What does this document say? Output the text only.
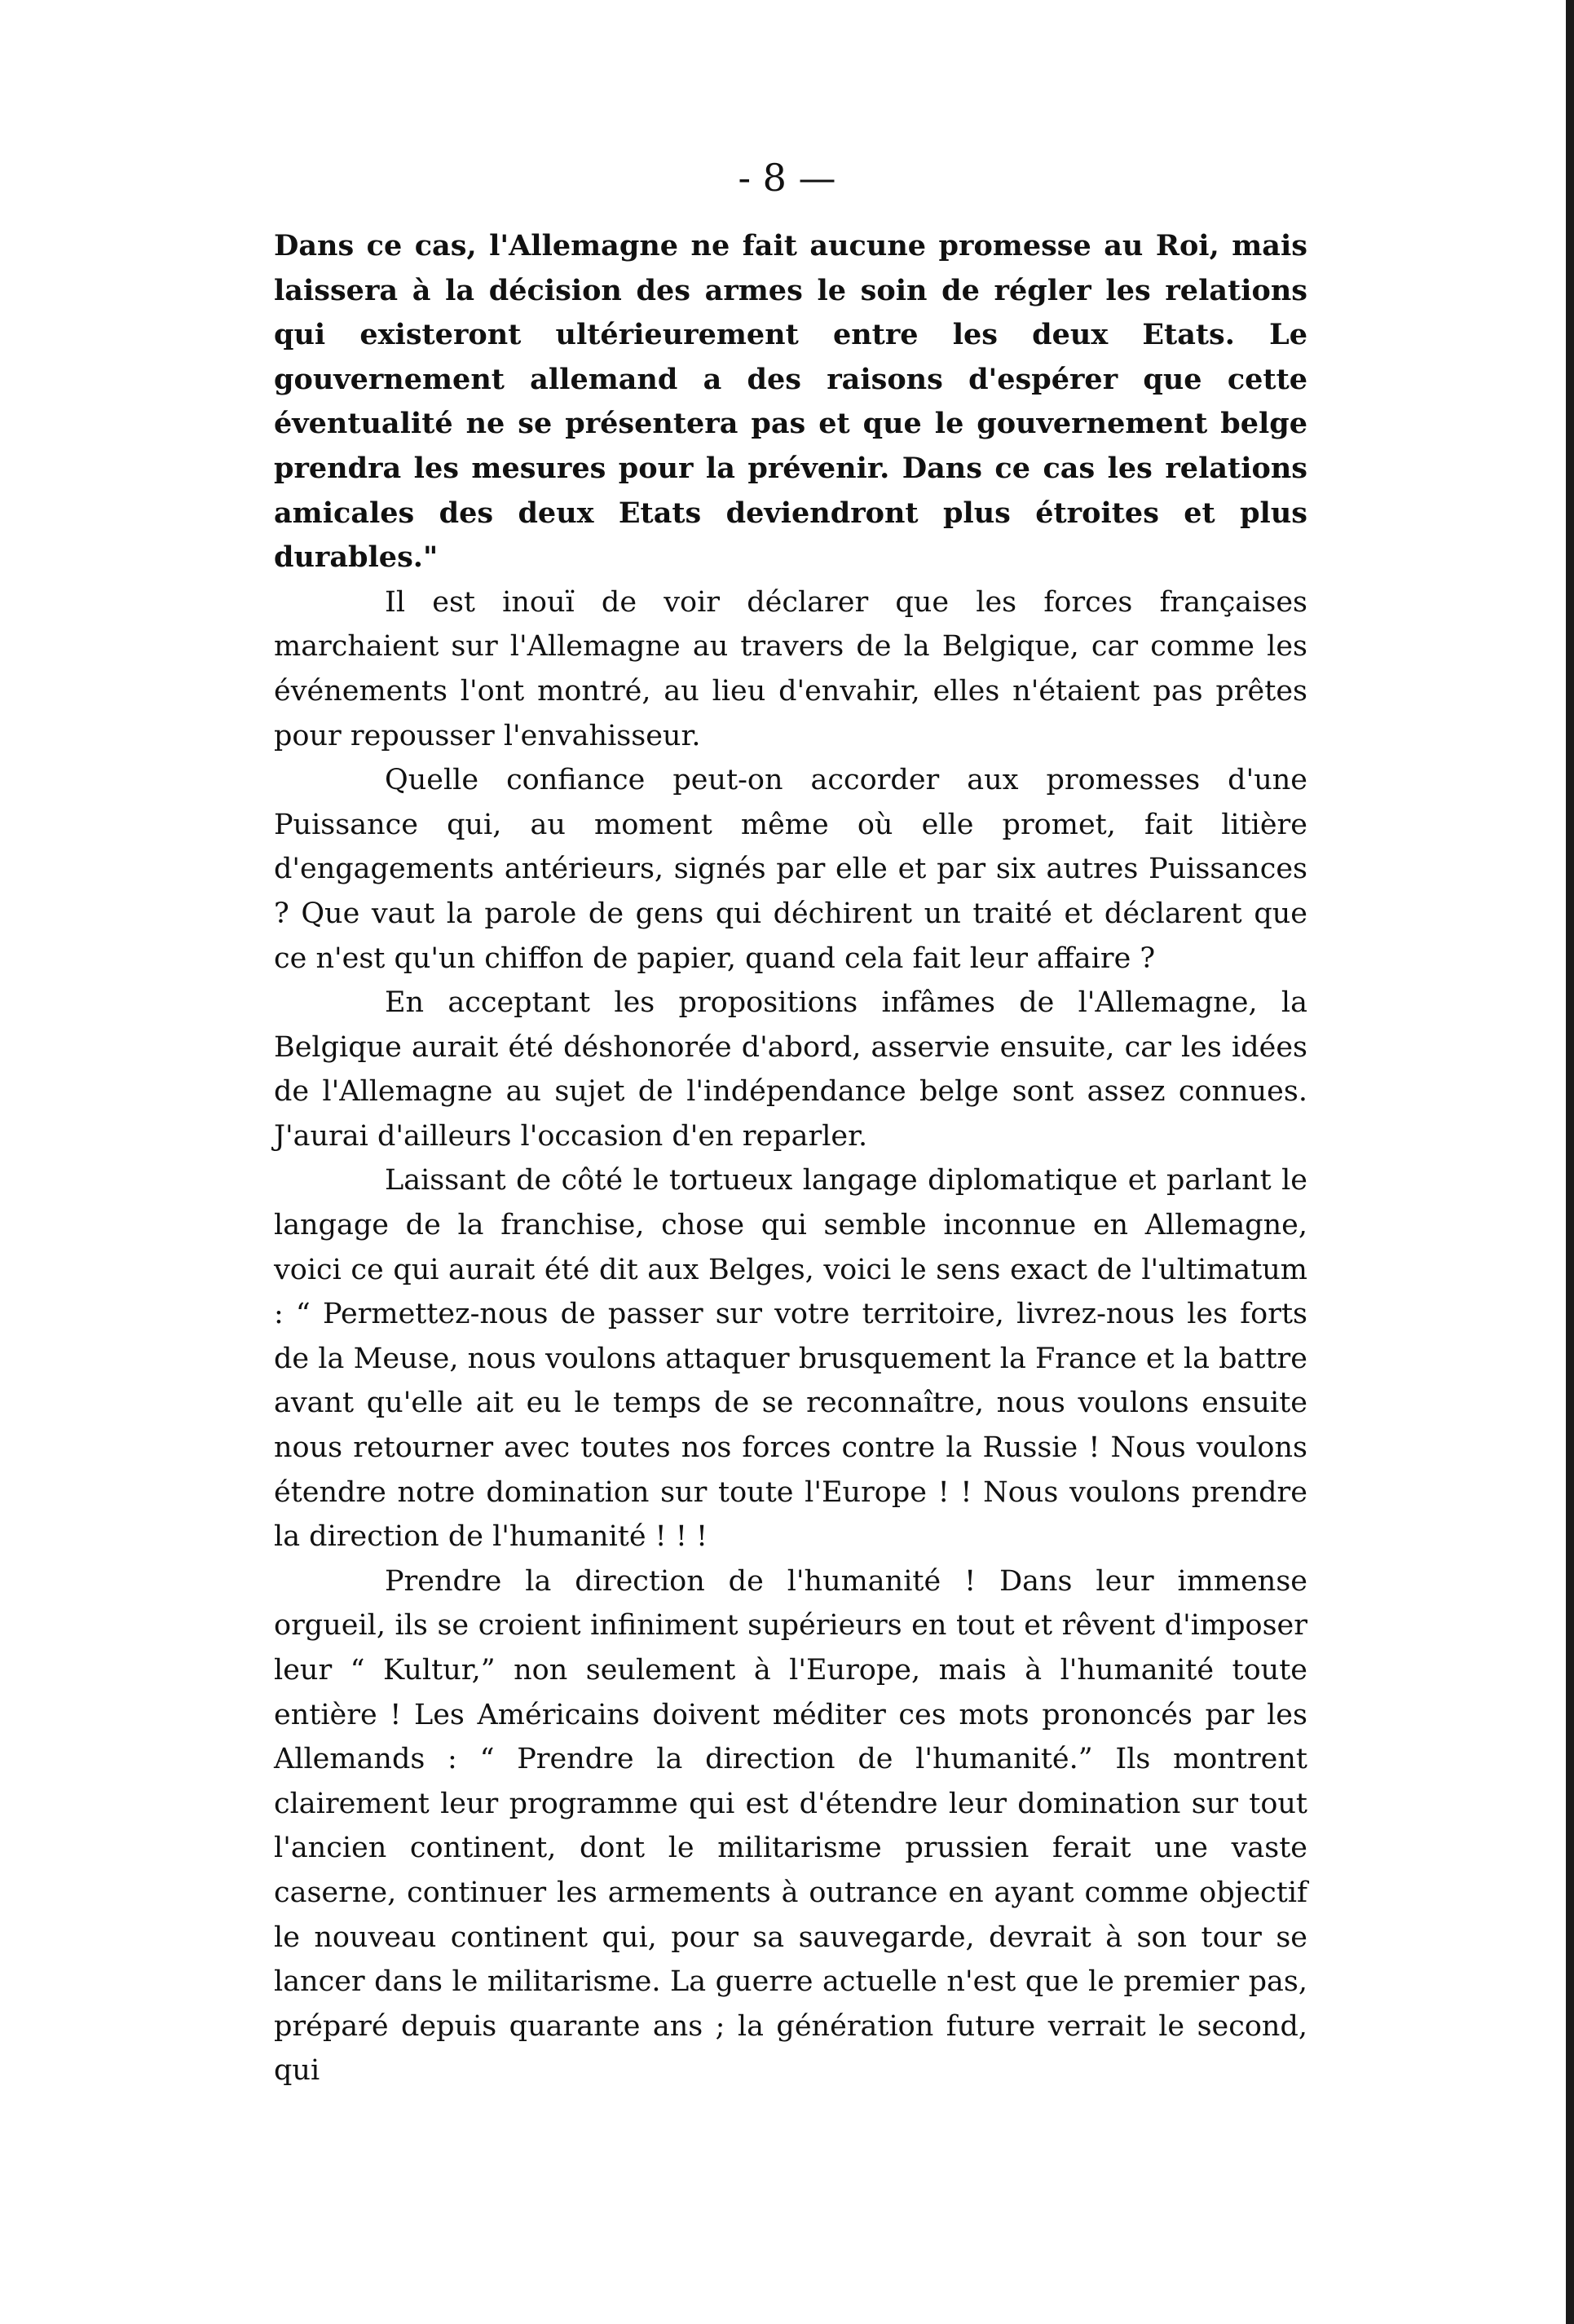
- 8 —

Dans ce cas, l'Allemagne ne fait aucune promesse au Roi, mais laissera à la décision des armes le soin de régler les relations qui existeront ultérieurement entre les deux Etats. Le gouvernement allemand a des raisons d'espérer que cette éventualité ne se présentera pas et que le gouvernement belge prendra les mesures pour la prévenir. Dans ce cas les relations amicales des deux Etats deviendront plus étroites et plus durables."

Il est inouï de voir déclarer que les forces françaises marchaient sur l'Allemagne au travers de la Belgique, car comme les événements l'ont montré, au lieu d'envahir, elles n'étaient pas prêtes pour repousser l'envahisseur.

Quelle confiance peut-on accorder aux promesses d'une Puissance qui, au moment même où elle promet, fait litière d'engagements antérieurs, signés par elle et par six autres Puissances ? Que vaut la parole de gens qui déchirent un traité et déclarent que ce n'est qu'un chiffon de papier, quand cela fait leur affaire ?

En acceptant les propositions infâmes de l'Allemagne, la Belgique aurait été déshonorée d'abord, asservie ensuite, car les idées de l'Allemagne au sujet de l'indépendance belge sont assez connues. J'aurai d'ailleurs l'occasion d'en reparler.

Laissant de côté le tortueux langage diplomatique et parlant le langage de la franchise, chose qui semble inconnue en Allemagne, voici ce qui aurait été dit aux Belges, voici le sens exact de l'ultimatum : “ Permettez-nous de passer sur votre territoire, livrez-nous les forts de la Meuse, nous voulons attaquer brusquement la France et la battre avant qu'elle ait eu le temps de se reconnaître, nous voulons ensuite nous retourner avec toutes nos forces contre la Russie ! Nous voulons étendre notre domination sur toute l'Europe ! ! Nous voulons prendre la direction de l'humanité ! ! !

Prendre la direction de l'humanité ! Dans leur immense orgueil, ils se croient infiniment supérieurs en tout et rêvent d'imposer leur “ Kultur,” non seulement à l'Europe, mais à l'humanité toute entière ! Les Américains doivent méditer ces mots prononcés par les Allemands : “ Prendre la direction de l'humanité.” Ils montrent clairement leur programme qui est d'étendre leur domination sur tout l'ancien continent, dont le militarisme prussien ferait une vaste caserne, continuer les armements à outrance en ayant comme objectif le nouveau continent qui, pour sa sauvegarde, devrait à son tour se lancer dans le militarisme. La guerre actuelle n'est que le premier pas, préparé depuis quarante ans ; la génération future verrait le second, qui
